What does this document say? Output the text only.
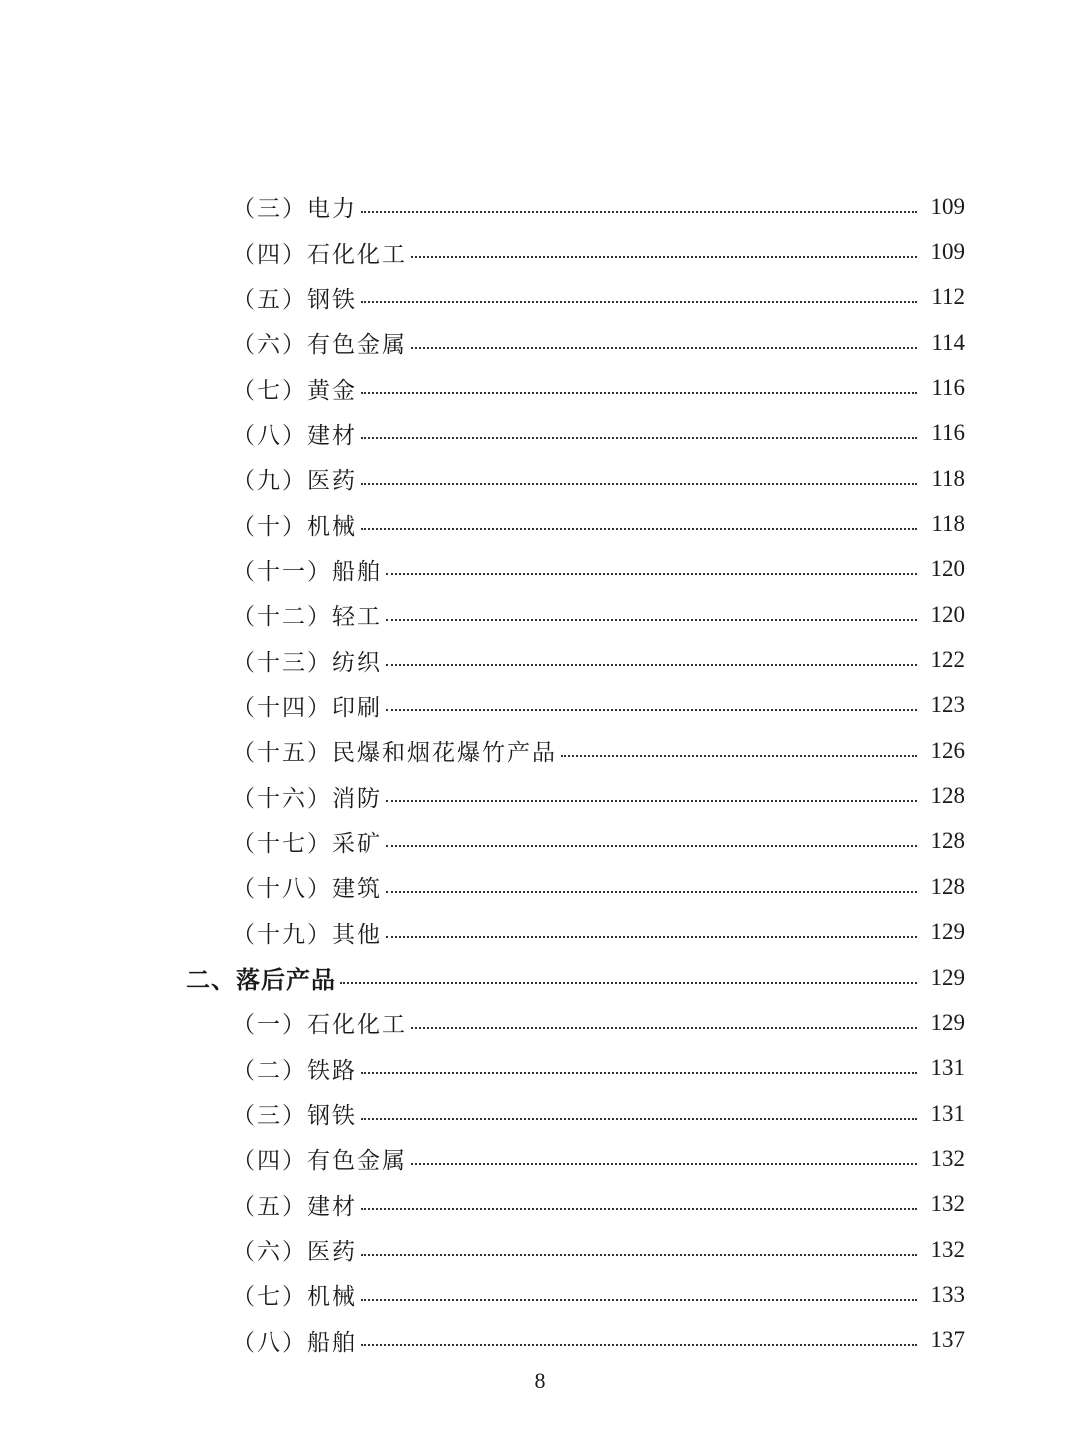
（三）电力	109
（四）石化化工	109
（五）钢铁	112
（六）有色金属	114
（七）黄金	116
（八）建材	116
（九）医药	118
（十）机械	118
（十一）船舶	120
（十二）轻工	120
（十三）纺织	122
（十四）印刷	123
（十五）民爆和烟花爆竹产品	126
（十六）消防	128
（十七）采矿	128
（十八）建筑	128
（十九）其他	129
二、落后产品	129
（一）石化化工	129
（二）铁路	131
（三）钢铁	131
（四）有色金属	132
（五）建材	132
（六）医药	132
（七）机械	133
（八）船舶	137
8
